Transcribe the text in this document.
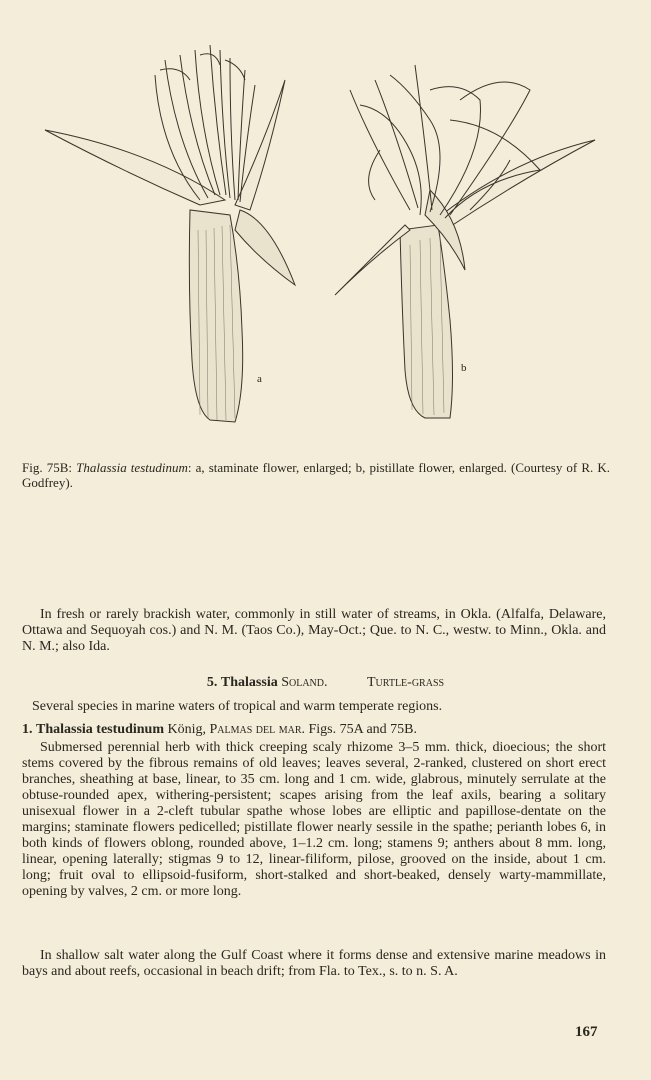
a
b
Fig. 75B: Thalassia testudinum: a, staminate flower, enlarged; b, pistillate flower, enlarged. (Courtesy of R. K. Godfrey).

In fresh or rarely brackish water, commonly in still water of streams, in Okla. (Alfalfa, Delaware, Ottawa and Sequoyah cos.) and N. M. (Taos Co.), May-Oct.; Que. to N. C., westw. to Minn., Okla. and N. M.; also Ida.

5. Thalassia Soland.	Turtle-grass

Several species in marine waters of tropical and warm temperate regions.

1. Thalassia testudinum König, Palmas del mar. Figs. 75A and 75B.

Submersed perennial herb with thick creeping scaly rhizome 3–5 mm. thick, dioecious; the short stems covered by the fibrous remains of old leaves; leaves several, 2-ranked, clustered on short erect branches, sheathing at base, linear, to 35 cm. long and 1 cm. wide, glabrous, minutely serrulate at the obtuse-rounded apex, withering-persistent; scapes arising from the leaf axils, bearing a solitary unisexual flower in a 2-cleft tubular spathe whose lobes are elliptic and papillose-dentate on the margins; staminate flowers pedicelled; pistillate flower nearly sessile in the spathe; perianth lobes 6, in both kinds of flowers oblong, rounded above, 1–1.2 cm. long; stamens 9; anthers about 8 mm. long, linear, opening laterally; stigmas 9 to 12, linear-filiform, pilose, grooved on the inside, about 1 cm. long; fruit oval to ellipsoid-fusiform, short-stalked and short-beaked, densely warty-mammillate, opening by valves, 2 cm. or more long.

In shallow salt water along the Gulf Coast where it forms dense and extensive marine meadows in bays and about reefs, occasional in beach drift; from Fla. to Tex., s. to n. S. A.

167
